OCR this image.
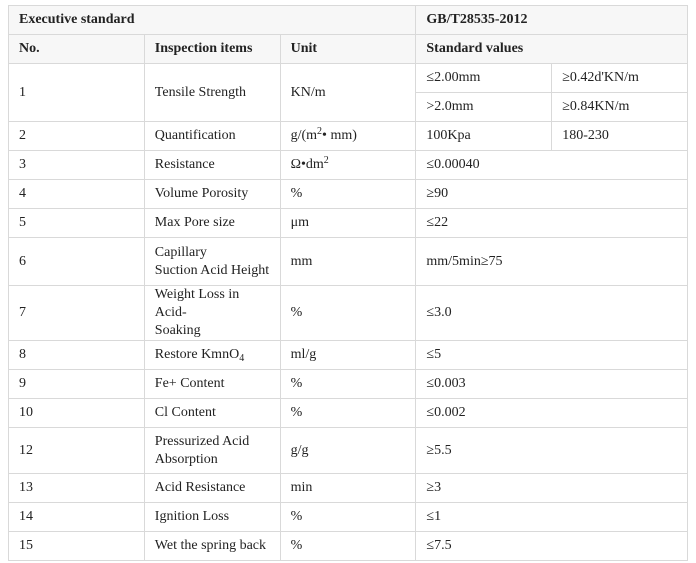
Executive standard			GB/T28535-2012	
No.	Inspection items	Unit	Standard values	
1	Tensile Strength	KN/m	≤2.00mm	≥0.42d'KN/m
			>2.0mm	≥0.84KN/m
2	Quantification	$g/(m^2•$ mm)	100Kpa	180-230
3	Resistance	$\Omega•dm^2$	≤0.00040	
4	Volume Porosity	%	≥90	
5	Max Pore size	μm	≤22	
6	Capillary
Suction Acid Height	mm	mm/5min≥75	
7	Weight Loss in Acid-
Soaking	%	≤3.0	
8	Restore KmnO$_4$	ml/g	≤5	
9	Fe+ Content	%	≤0.003	
10	Cl Content	%	≤0.002	
12	Pressurized Acid
Absorption	g/g	≥5.5	
13	Acid Resistance	min	≥3	
14	Ignition Loss	%	≤1	
15	Wet the spring back	%	≤7.5	
